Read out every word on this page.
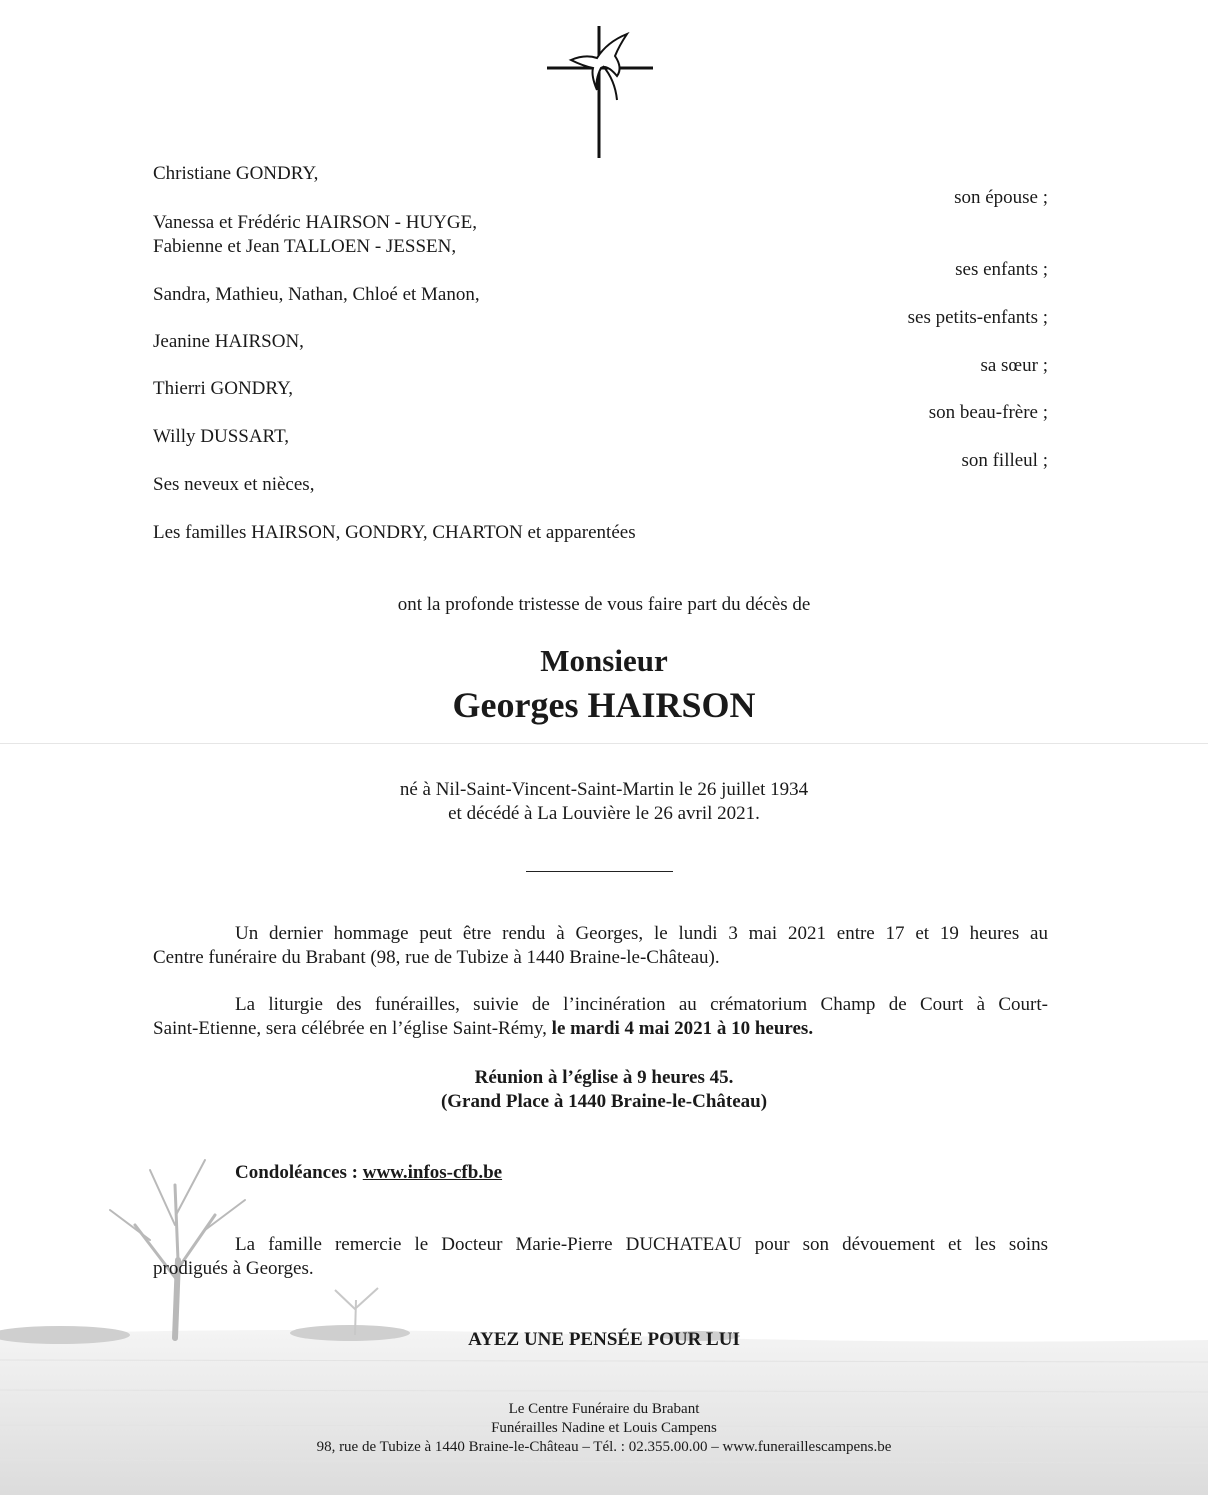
Christiane GONDRY,
Vanessa et Frédéric HAIRSON - HUYGE,
Fabienne et Jean TALLOEN - JESSEN,
Sandra, Mathieu, Nathan, Chloé et Manon,
Jeanine HAIRSON,
Thierri GONDRY,
Willy DUSSART,
Ses neveux et nièces,
Les familles HAIRSON, GONDRY, CHARTON et apparentées
son épouse ;
ses enfants ;
ses petits-enfants ;
sa sœur ;
son beau-frère ;
son filleul ;
ont la profonde tristesse de vous faire part du décès de
Monsieur
Georges HAIRSON
né à Nil-Saint-Vincent-Saint-Martin le 26 juillet 1934
et décédé à La Louvière le 26 avril 2021.
Un dernier hommage peut être rendu à Georges, le lundi 3 mai 2021 entre 17 et 19 heures au
Centre funéraire du Brabant (98, rue de Tubize à 1440 Braine-le-Château).
La liturgie des funérailles, suivie de l’incinération au crématorium Champ de Court à Court-
Saint-Etienne, sera célébrée en l’église Saint-Rémy, le mardi 4 mai 2021 à 10 heures.
Réunion à l’église à 9 heures 45.
(Grand Place à 1440 Braine-le-Château)
Condoléances : www.infos-cfb.be
La famille remercie le Docteur Marie-Pierre DUCHATEAU pour son dévouement et les soins
prodigués à Georges.
AYEZ UNE PENSÉE POUR LUI
Le Centre Funéraire du Brabant
Funérailles Nadine et Louis Campens
98, rue de Tubize à 1440 Braine-le-Château – Tél. : 02.355.00.00 – www.funeraillescampens.be
